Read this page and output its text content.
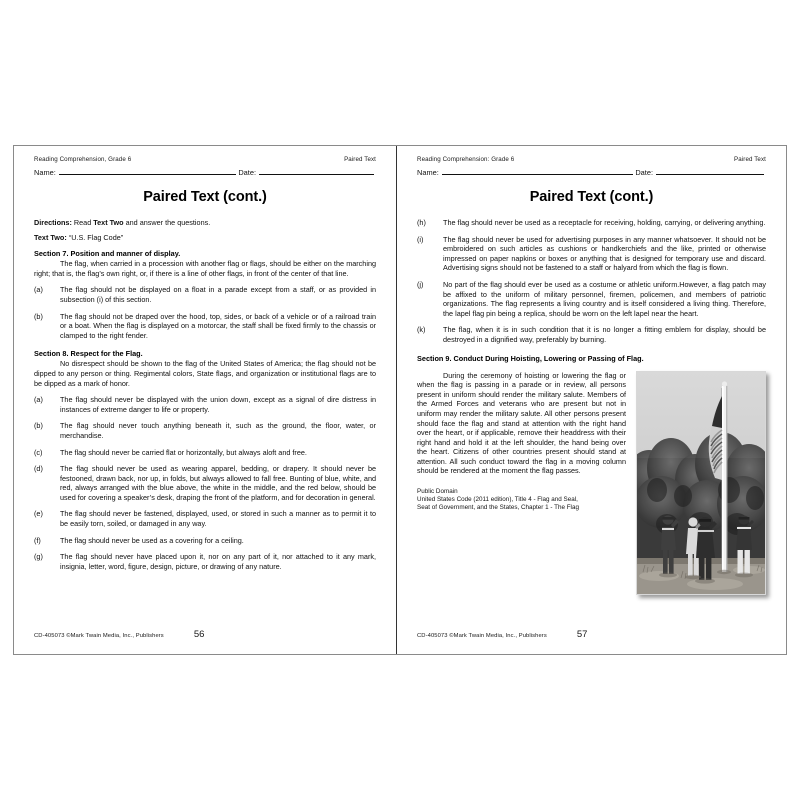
Reading Comprehension, Grade 6	Paired Text
Name:	Date:
Paired Text (cont.)

Directions: Read Text Two and answer the questions.

Text Two: “U.S. Flag Code”

Section 7. Position and manner of display.

The flag, when carried in a procession with another flag or flags, should be either on the marching right; that is, the flag’s own right, or, if there is a line of other flags, in front of the center of that line.

(a)	The flag should not be displayed on a float in a parade except from a staff, or as provided in subsection (i) of this section.
(b)	The flag should not be draped over the hood, top, sides, or back of a vehicle or of a railroad train or a boat. When the flag is displayed on a motorcar, the staff shall be fixed firmly to the chassis or clamped to the right fender.
Section 8. Respect for the Flag.

No disrespect should be shown to the flag of the United States of America; the flag should not be dipped to any person or thing. Regimental colors, State flags, and organization or institutional flags are to be dipped as a mark of honor.

(a)	The flag should never be displayed with the union down, except as a signal of dire distress in instances of extreme danger to life or property.
(b)	The flag should never touch anything beneath it, such as the ground, the floor, water, or merchandise.
(c)	The flag should never be carried flat or horizontally, but always aloft and free.
(d)	The flag should never be used as wearing apparel, bedding, or drapery. It should never be festooned, drawn back, nor up, in folds, but always allowed to fall free. Bunting of blue, white, and red, always arranged with the blue above, the white in the middle, and the red below, should be used for covering a speaker’s desk, draping the front of the platform, and for decoration in general.
(e)	The flag should never be fastened, displayed, used, or stored in such a manner as to permit it to be easily torn, soiled, or damaged in any way.
(f)	The flag should never be used as a covering for a ceiling.
(g)	The flag should never have placed upon it, nor on any part of it, nor attached to it any mark, insignia, letter, word, figure, design, picture, or drawing of any nature.
CD-405073 ©Mark Twain Media, Inc., Publishers	56
Reading Comprehension: Grade 6	Paired Text
Name:	Date:
Paired Text (cont.)
(h)	The flag should never be used as a receptacle for receiving, holding, carrying, or delivering anything.
(i)	The flag should never be used for advertising purposes in any manner whatsoever. It should not be embroidered on such articles as cushions or handkerchiefs and the like, printed or otherwise impressed on paper napkins or boxes or anything that is designed for temporary use and discard. Advertising signs should not be fastened to a staff or halyard from which the flag is flown.
(j)	No part of the flag should ever be used as a costume or athletic uniform.However, a flag patch may be affixed to the uniform of military personnel, firemen, policemen, and members of patriotic organizations. The flag represents a living country and is itself considered a living thing. Therefore, the lapel flag pin being a replica, should be worn on the left lapel near the heart.
(k)	The flag, when it is in such condition that it is no longer a fitting emblem for display, should be destroyed in a dignified way, preferably by burning.
Section 9. Conduct During Hoisting, Lowering or Passing of Flag.

During the ceremony of hoisting or lowering the flag or when the flag is passing in a parade or in review, all persons present in uniform should render the military salute. Members of the Armed Forces and veterans who are present but not in uniform may render the military salute. All other persons present should face the flag and stand at attention with the right hand over the heart, or if applicable, remove their headdress with their right hand and hold it at the left shoulder, the hand being over the heart. Citizens of other countries present should stand at attention. All such conduct toward the flag in a moving column should be rendered at the moment the flag passes.

Public Domain
United States Code (2011 edition), Title 4 - Flag and Seal,
Seat of Government, and the States, Chapter 1 - The Flag
CD-405073 ©Mark Twain Media, Inc., Publishers	57
